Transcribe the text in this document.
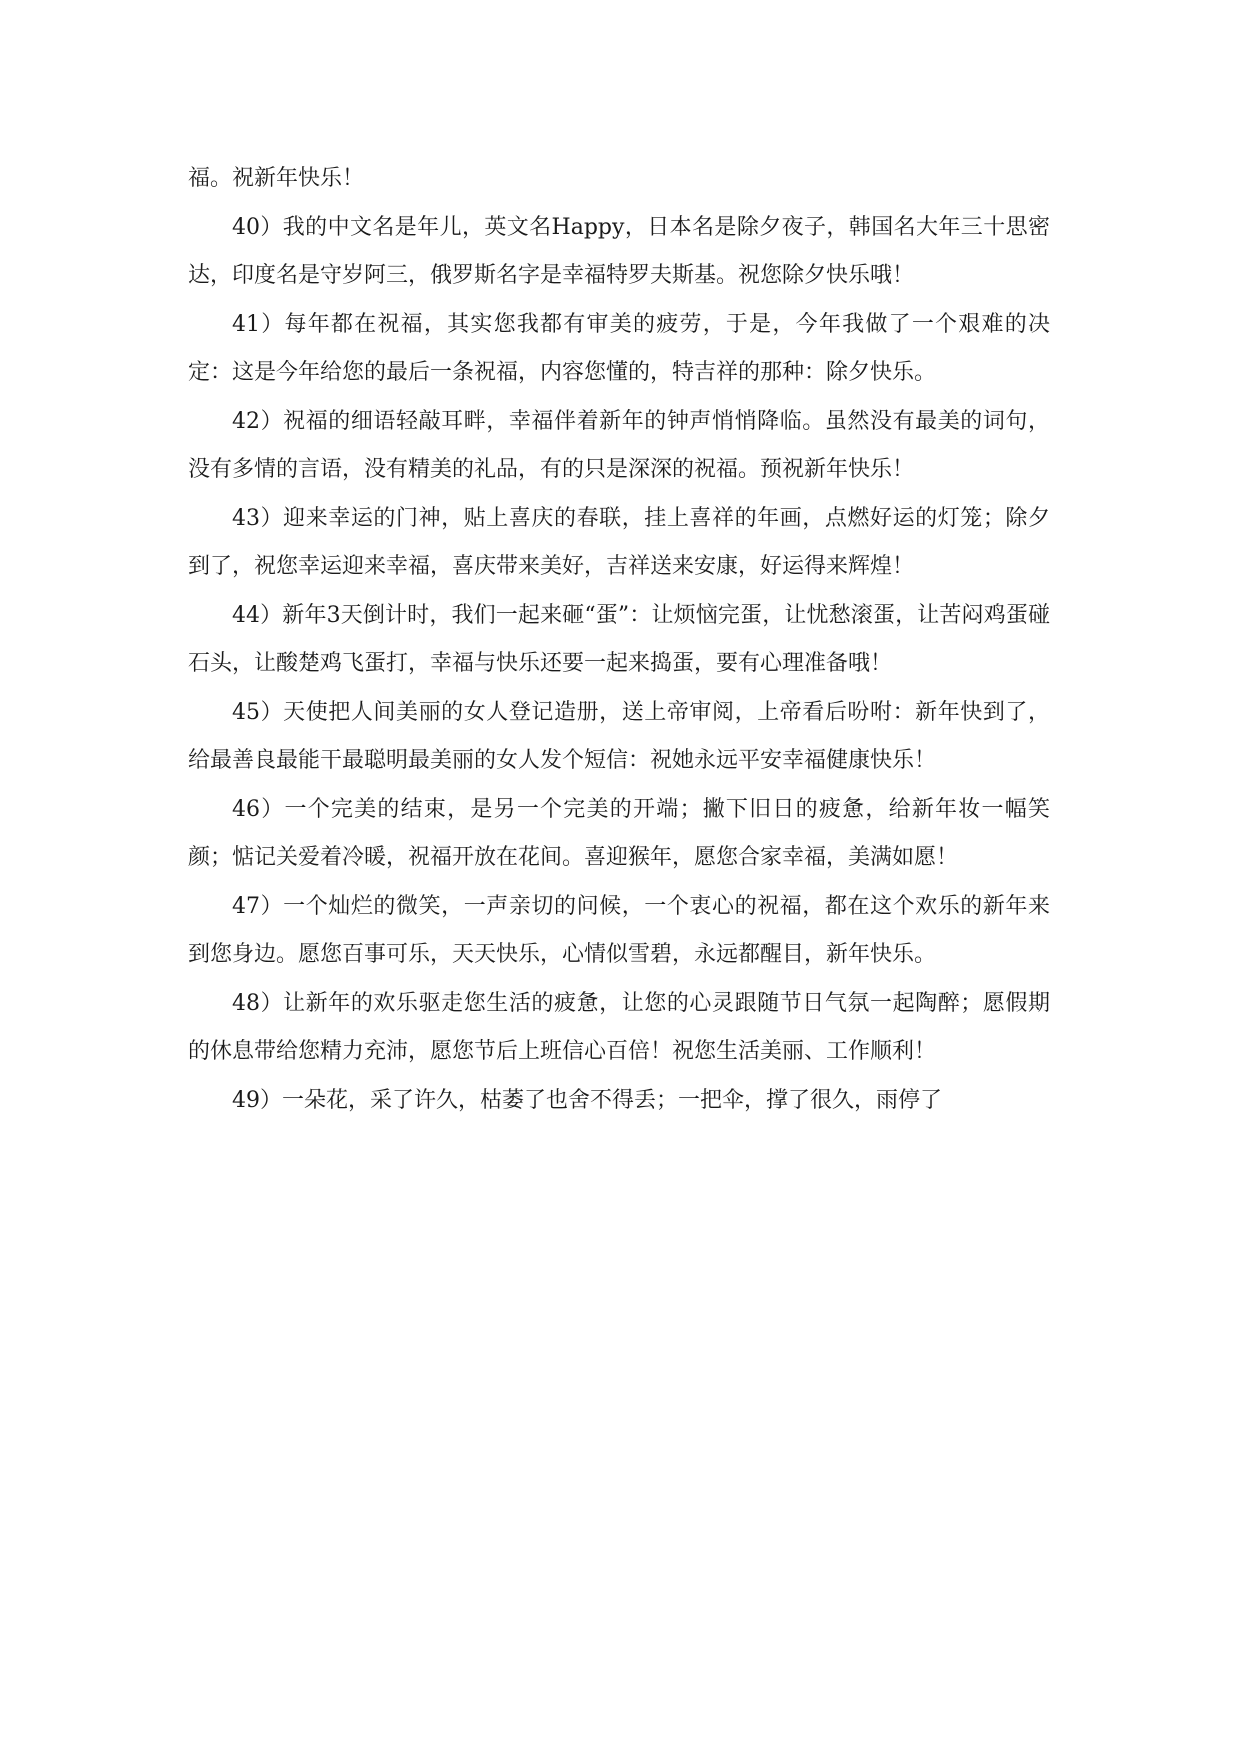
福。祝新年快乐！

40）我的中文名是年儿，英文名Happy，日本名是除夕夜子，韩国名大年三十思密达，印度名是守岁阿三，俄罗斯名字是幸福特罗夫斯基。祝您除夕快乐哦！

41）每年都在祝福，其实您我都有审美的疲劳，于是，今年我做了一个艰难的决定：这是今年给您的最后一条祝福，内容您懂的，特吉祥的那种：除夕快乐。

42）祝福的细语轻敲耳畔，幸福伴着新年的钟声悄悄降临。虽然没有最美的词句，没有多情的言语，没有精美的礼品，有的只是深深的祝福。预祝新年快乐！

43）迎来幸运的门神，贴上喜庆的春联，挂上喜祥的年画，点燃好运的灯笼；除夕到了，祝您幸运迎来幸福，喜庆带来美好，吉祥送来安康，好运得来辉煌！

44）新年3天倒计时，我们一起来砸“蛋”：让烦恼完蛋，让忧愁滚蛋，让苦闷鸡蛋碰石头，让酸楚鸡飞蛋打，幸福与快乐还要一起来捣蛋，要有心理准备哦！

45）天使把人间美丽的女人登记造册，送上帝审阅，上帝看后吩咐：新年快到了，给最善良最能干最聪明最美丽的女人发个短信：祝她永远平安幸福健康快乐！

46）一个完美的结束，是另一个完美的开端；撇下旧日的疲惫，给新年妆一幅笑颜；惦记关爱着冷暖，祝福开放在花间。喜迎猴年，愿您合家幸福，美满如愿！

47）一个灿烂的微笑，一声亲切的问候，一个衷心的祝福，都在这个欢乐的新年来到您身边。愿您百事可乐，天天快乐，心情似雪碧，永远都醒目，新年快乐。

48）让新年的欢乐驱走您生活的疲惫，让您的心灵跟随节日气氛一起陶醉；愿假期的休息带给您精力充沛，愿您节后上班信心百倍！祝您生活美丽、工作顺利！

49）一朵花，采了许久，枯萎了也舍不得丢；一把伞，撑了很久，雨停了
